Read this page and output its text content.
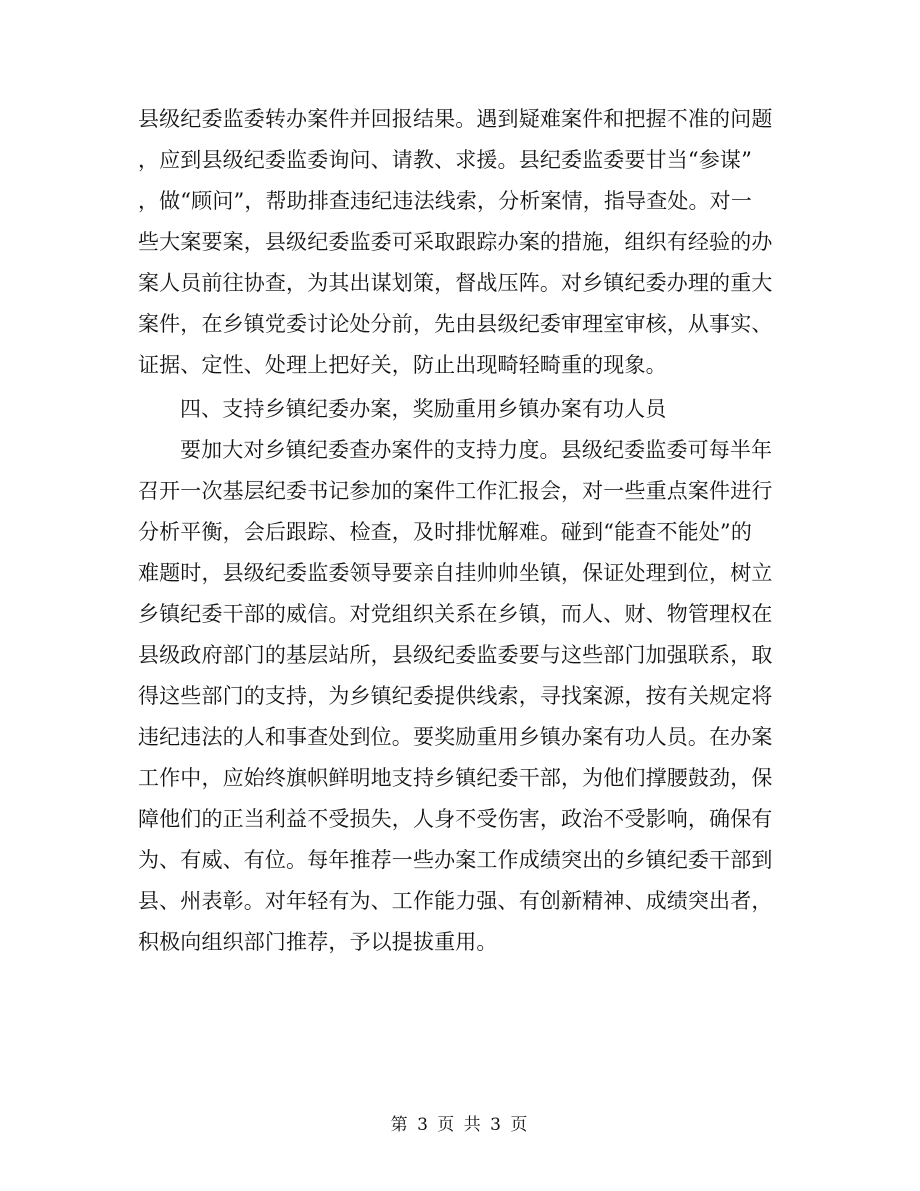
县级纪委监委转办案件并回报结果。遇到疑难案件和把握不准的问题
，应到县级纪委监委询问、请教、求援。县纪委监委要甘当“参谋”
，做“顾问”，帮助排查违纪违法线索，分析案情，指导查处。对一
些大案要案，县级纪委监委可采取跟踪办案的措施，组织有经验的办
案人员前往协查，为其出谋划策，督战压阵。对乡镇纪委办理的重大
案件，在乡镇党委讨论处分前，先由县级纪委审理室审核，从事实、
证据、定性、处理上把好关，防止出现畸轻畸重的现象。
四、支持乡镇纪委办案，奖励重用乡镇办案有功人员
要加大对乡镇纪委查办案件的支持力度。县级纪委监委可每半年
召开一次基层纪委书记参加的案件工作汇报会，对一些重点案件进行
分析平衡，会后跟踪、检查，及时排忧解难。碰到“能查不能处”的
难题时，县级纪委监委领导要亲自挂帅帅坐镇，保证处理到位，树立
乡镇纪委干部的威信。对党组织关系在乡镇，而人、财、物管理权在
县级政府部门的基层站所，县级纪委监委要与这些部门加强联系，取
得这些部门的支持，为乡镇纪委提供线索，寻找案源，按有关规定将
违纪违法的人和事查处到位。要奖励重用乡镇办案有功人员。在办案
工作中，应始终旗帜鲜明地支持乡镇纪委干部，为他们撑腰鼓劲，保
障他们的正当利益不受损失，人身不受伤害，政治不受影响，确保有
为、有威、有位。每年推荐一些办案工作成绩突出的乡镇纪委干部到
县、州表彰。对年轻有为、工作能力强、有创新精神、成绩突出者，
积极向组织部门推荐，予以提拔重用。
第 3 页 共 3 页
